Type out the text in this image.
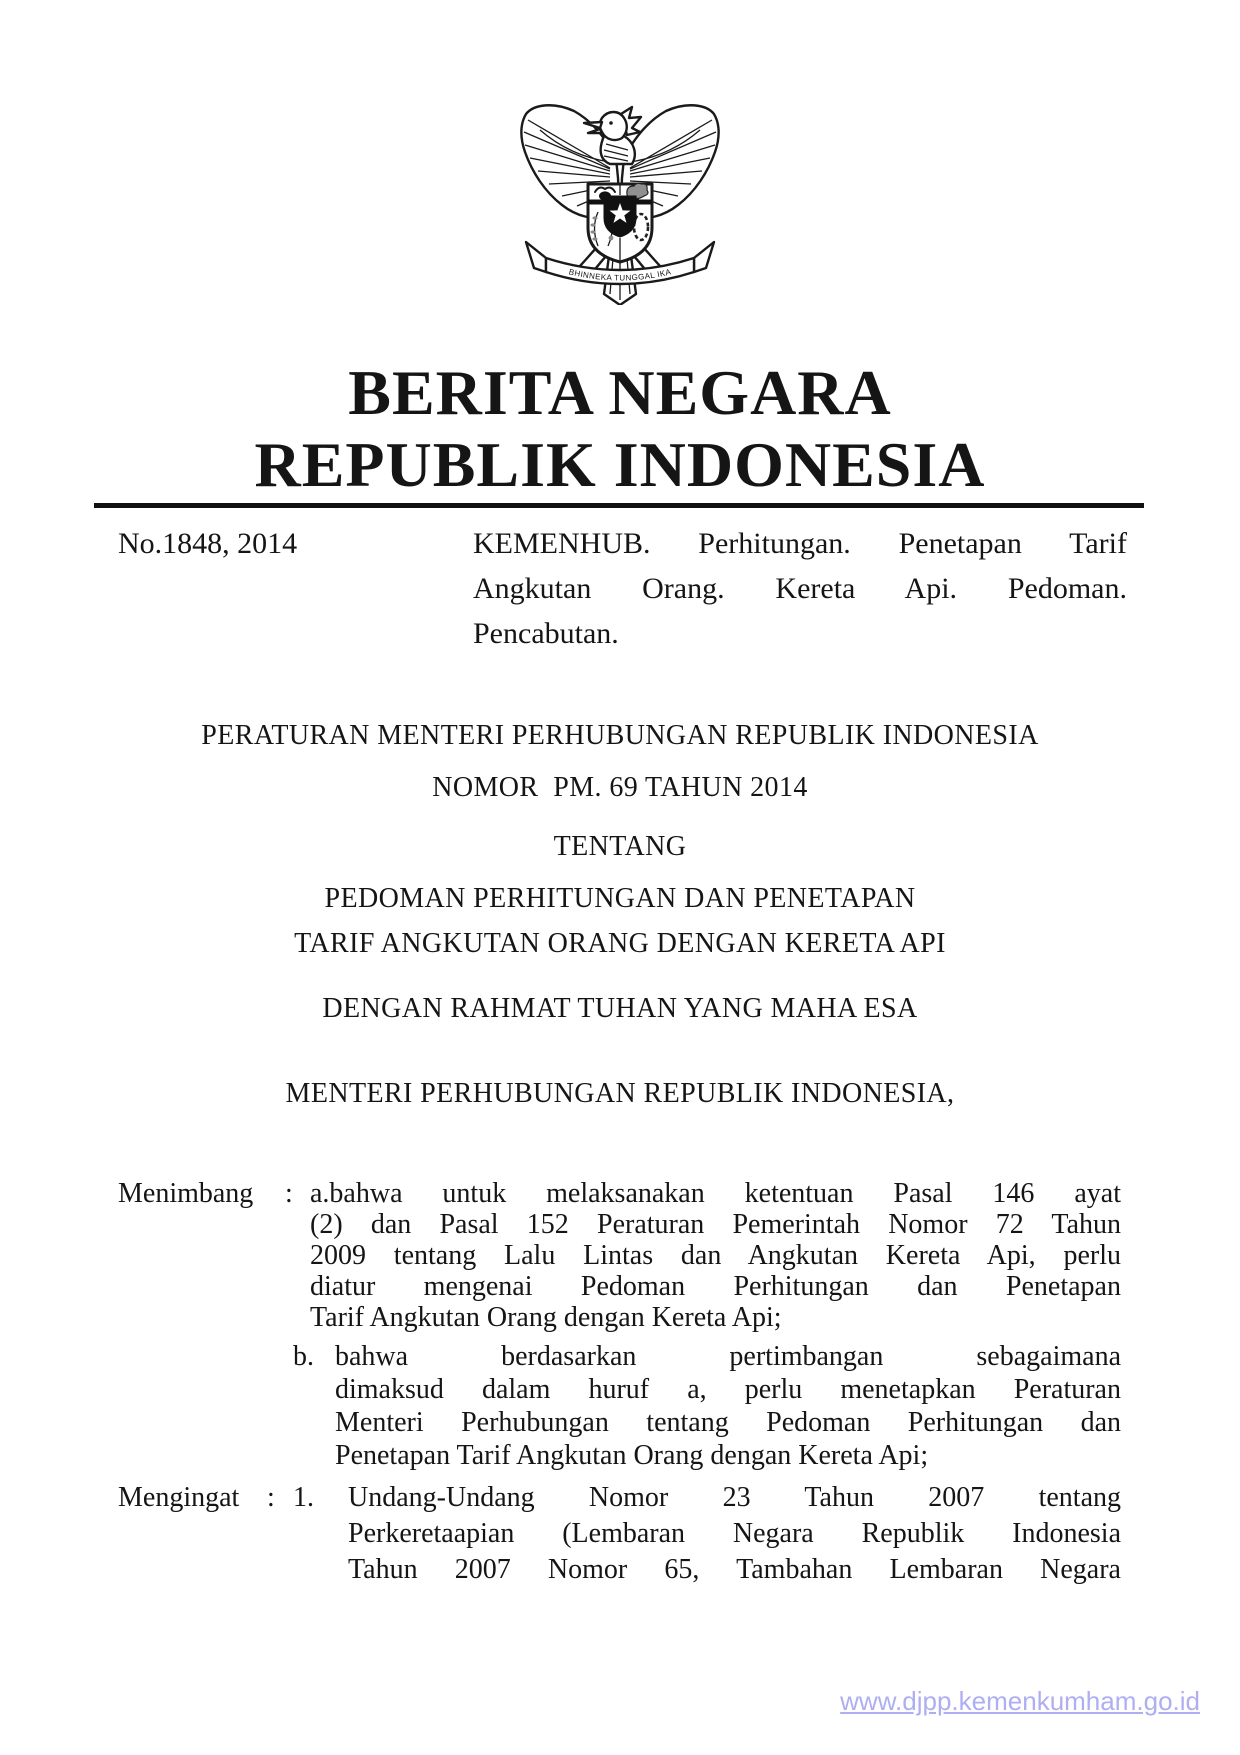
BHINNEKA TUNGGAL IKA
BERITA NEGARA
REPUBLIK INDONESIA
No.1848, 2014	KEMENHUB. Perhitungan. Penetapan Tarif
Angkutan Orang. Kereta Api. Pedoman.
Pencabutan.
PERATURAN MENTERI PERHUBUNGAN REPUBLIK INDONESIA
NOMOR  PM. 69 TAHUN 2014
TENTANG
PEDOMAN PERHITUNGAN DAN PENETAPAN
TARIF ANGKUTAN ORANG DENGAN KERETA API
DENGAN RAHMAT TUHAN YANG MAHA ESA
MENTERI PERHUBUNGAN REPUBLIK INDONESIA,
Menimbang : a.bahwa untuk melaksanakan ketentuan Pasal 146 ayat
(2) dan Pasal 152 Peraturan Pemerintah Nomor 72 Tahun
2009 tentang Lalu Lintas dan Angkutan Kereta Api, perlu
diatur mengenai Pedoman Perhitungan dan Penetapan
Tarif Angkutan Orang dengan Kereta Api;
b. bahwa berdasarkan pertimbangan sebagaimana
dimaksud dalam huruf a, perlu menetapkan Peraturan
Menteri Perhubungan tentang Pedoman Perhitungan dan
Penetapan Tarif Angkutan Orang dengan Kereta Api;
Mengingat : 1. Undang-Undang Nomor 23 Tahun 2007 tentang
Perkeretaapian (Lembaran Negara Republik Indonesia
Tahun 2007 Nomor 65, Tambahan Lembaran Negara
www.djpp.kemenkumham.go.id
